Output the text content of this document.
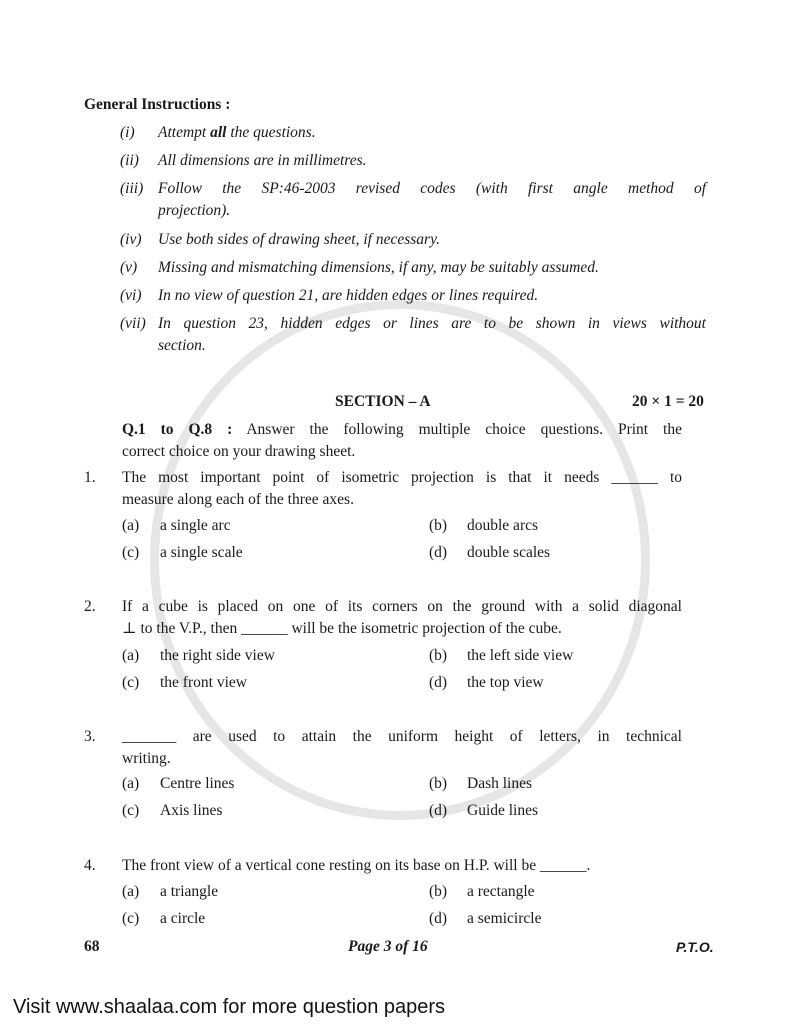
General Instructions :
(i) Attempt all the questions.
(ii) All dimensions are in millimetres.
(iii) Follow the SP:46-2003 revised codes (with first angle method of
projection).
(iv) Use both sides of drawing sheet, if necessary.
(v) Missing and mismatching dimensions, if any, may be suitably assumed.
(vi) In no view of question 21, are hidden edges or lines required.
(vii) In question 23, hidden edges or lines are to be shown in views without
section.
SECTION – A	20 × 1 = 20
Q.1 to Q.8 : Answer the following multiple choice questions. Print the
correct choice on your drawing sheet.
1. The most important point of isometric projection is that it needs ______ to
measure along each of the three axes.
(a) a single arc	(b) double arcs
(c) a single scale	(d) double scales
2. If a cube is placed on one of its corners on the ground with a solid diagonal
⊥ to the V.P., then ______ will be the isometric projection of the cube.
(a) the right side view	(b) the left side view
(c) the front view	(d) the top view
3. _______ are used to attain the uniform height of letters, in technical
writing.
(a) Centre lines	(b) Dash lines
(c) Axis lines	(d) Guide lines
4. The front view of a vertical cone resting on its base on H.P. will be ______.
(a) a triangle	(b) a rectangle
(c) a circle	(d) a semicircle
68	Page 3 of 16	P.T.O.
Visit www.shaalaa.com for more question papers
